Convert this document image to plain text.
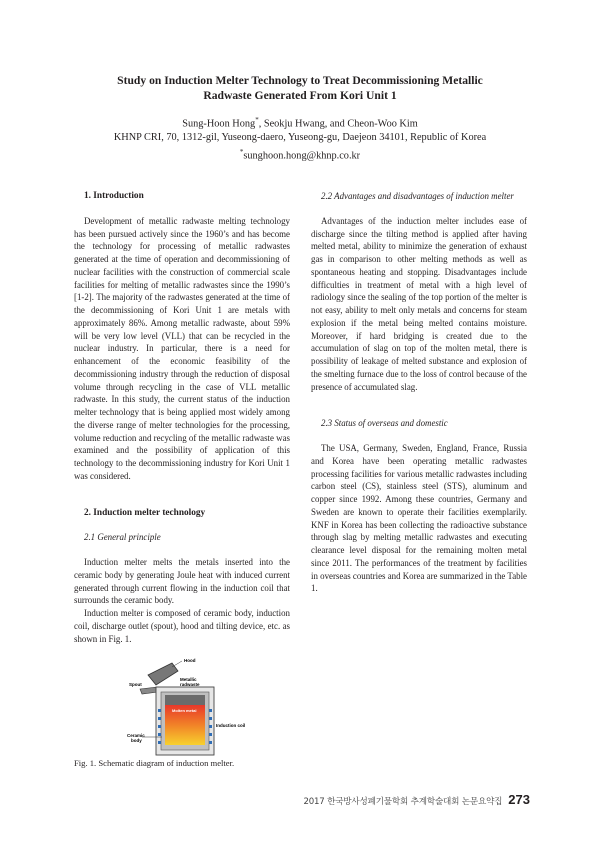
Study on Induction Melter Technology to Treat Decommissioning Metallic
Radwaste Generated From Kori Unit 1

Sung-Hoon Hong*, Seokju Hwang, and Cheon-Woo Kim

KHNP CRI, 70, 1312-gil, Yuseong-daero, Yuseong-gu, Daejeon 34101, Republic of Korea

*sunghoon.hong@khnp.co.kr

1. Introduction

Development of metallic radwaste melting technology has been pursued actively since the 1960’s and has become the technology for processing of metallic radwastes generated at the time of operation and decommissioning of nuclear facilities with the construction of commercial scale facilities for melting of metallic radwastes since the 1990’s [1-2]. The majority of the radwastes generated at the time of the decommissioning of Kori Unit 1 are metals with approximately 86%. Among metallic radwaste, about 59% will be very low level (VLL) that can be recycled in the nuclear industry. In particular, there is a need for enhancement of the economic feasibility of the decommissioning industry through the reduction of disposal volume through recycling in the case of VLL metallic radwaste. In this study, the current status of the induction melter technology that is being applied most widely among the diverse range of melter technologies for the processing, volume reduction and recycling of the metallic radwaste was examined and the possibility of application of this technology to the decommissioning industry for Kori Unit 1 was considered.

2. Induction melter technology

2.1 General principle

Induction melter melts the metals inserted into the ceramic body by generating Joule heat with induced current generated through current flowing in the induction coil that surrounds the ceramic body.

Induction melter is composed of ceramic body, induction coil, discharge outlet (spout), hood and tilting device, etc. as shown in Fig. 1.

Hood
Spout
Metallic
radwaste
Molten metal
Induction coil
Ceramic
body

Fig. 1. Schematic diagram of induction melter.

2.2 Advantages and disadvantages of induction melter

Advantages of the induction melter includes ease of discharge since the tilting method is applied after having melted metal, ability to minimize the generation of exhaust gas in comparison to other melting methods as well as spontaneous heating and stopping. Disadvantages include difficulties in treatment of metal with a high level of radiology since the sealing of the top portion of the melter is not easy, ability to melt only metals and concerns for steam explosion if the metal being melted contains moisture. Moreover, if hard bridging is created due to the accumulation of slag on top of the molten metal, there is possibility of leakage of melted substance and explosion of the smelting furnace due to the loss of control because of the presence of accumulated slag.

2.3 Status of overseas and domestic

The USA, Germany, Sweden, England, France, Russia and Korea have been operating metallic radwastes processing facilities for various metallic radwastes including carbon steel (CS), stainless steel (STS), aluminum and copper since 1992. Among these countries, Germany and Sweden are known to operate their facilities exemplarily. KNF in Korea has been collecting the radioactive substance through slag by melting metallic radwastes and executing clearance level disposal for the remaining molten metal since 2011. The performances of the treatment by facilities in overseas countries and Korea are summarized in the Table 1.

2017 한국방사성폐기물학회 추계학술대회 논문요약집 273
